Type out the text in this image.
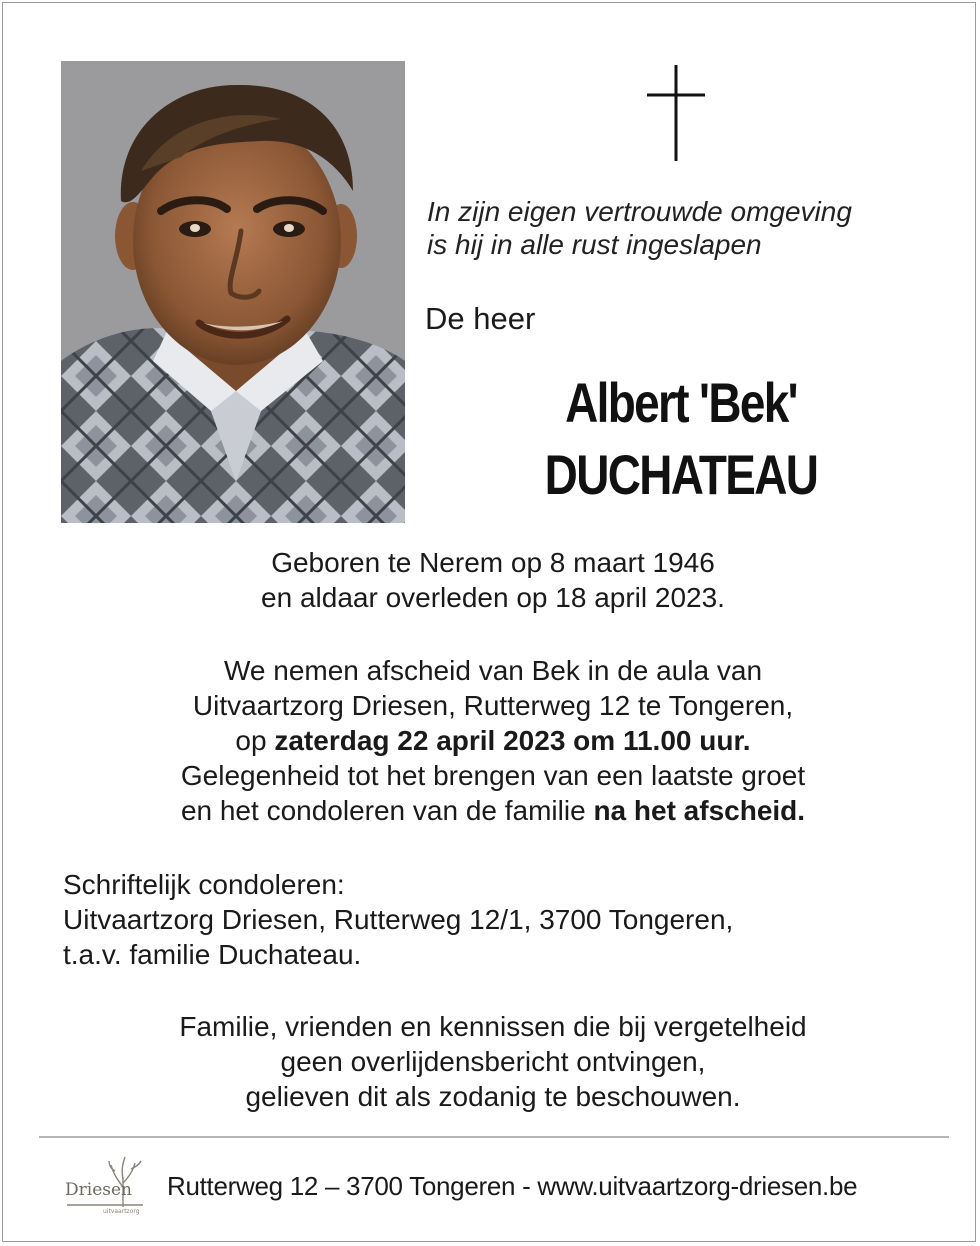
In zijn eigen vertrouwde omgeving
is hij in alle rust ingeslapen
De heer
Albert 'Bek'
DUCHATEAU
Geboren te Nerem op 8 maart 1946
en aldaar overleden op 18 april 2023.
We nemen afscheid van Bek in de aula van
Uitvaartzorg Driesen, Rutterweg 12 te Tongeren,
op zaterdag 22 april 2023 om 11.00 uur.
Gelegenheid tot het brengen van een laatste groet
en het condoleren van de familie na het afscheid.
Schriftelijk condoleren:
Uitvaartzorg Driesen, Rutterweg 12/1, 3700 Tongeren,
t.a.v. familie Duchateau.
Familie, vrienden en kennissen die bij vergetelheid
geen overlijdensbericht ontvingen,
gelieven dit als zodanig te beschouwen.
Driesen
uitvaartzorg
Rutterweg 12 – 3700 Tongeren - www.uitvaartzorg-driesen.be
